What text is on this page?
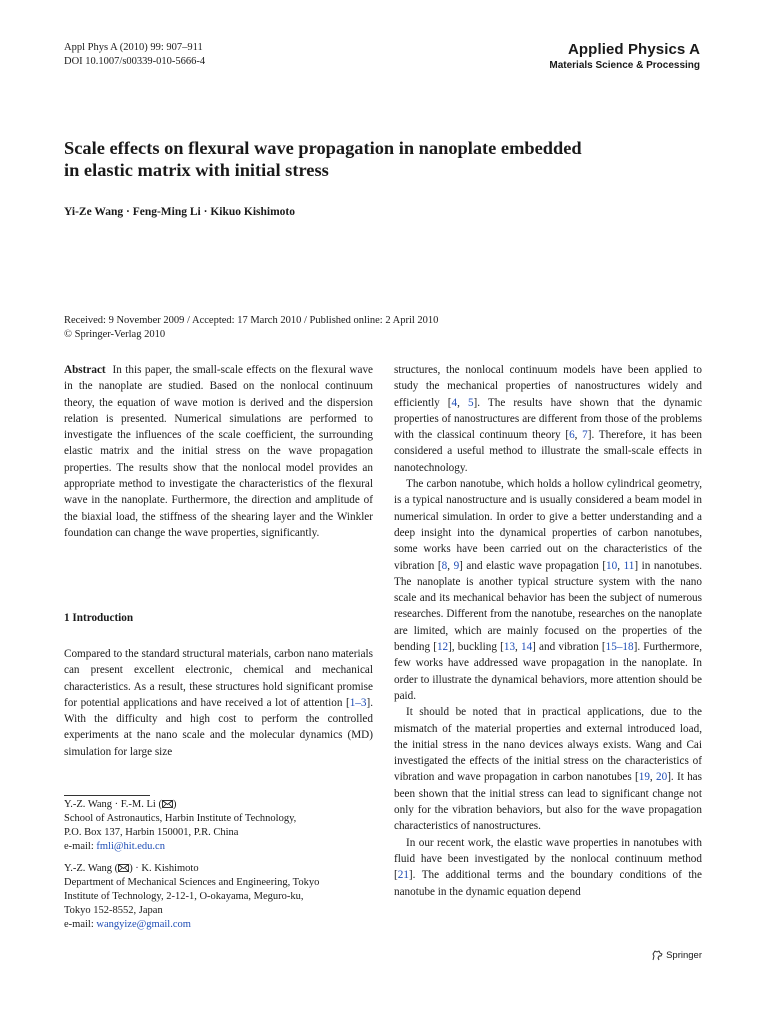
Appl Phys A (2010) 99: 907–911
DOI 10.1007/s00339-010-5666-4
Applied Physics A
Materials Science & Processing
Scale effects on flexural wave propagation in nanoplate embedded
in elastic matrix with initial stress
Yi-Ze Wang · Feng-Ming Li · Kikuo Kishimoto
Received: 9 November 2009 / Accepted: 17 March 2010 / Published online: 2 April 2010
© Springer-Verlag 2010

Abstract In this paper, the small-scale effects on the flexural wave in the nanoplate are studied. Based on the nonlocal continuum theory, the equation of wave motion is derived and the dispersion relation is presented. Numerical simulations are performed to investigate the influences of the scale coefficient, the surrounding elastic matrix and the initial stress on the wave propagation properties. The results show that the nonlocal model provides an appropriate method to investigate the characteristics of the flexural wave in the nanoplate. Furthermore, the direction and amplitude of the biaxial load, the stiffness of the shearing layer and the Winkler foundation can change the wave properties, significantly.

1 Introduction

Compared to the standard structural materials, carbon nano materials can present excellent electronic, chemical and mechanical characteristics. As a result, these structures hold significant promise for potential applications and have received a lot of attention [1–3]. With the difficulty and high cost to perform the controlled experiments at the nano scale and the molecular dynamics (MD) simulation for large size

structures, the nonlocal continuum models have been applied to study the mechanical properties of nanostructures widely and efficiently [4, 5]. The results have shown that the dynamic properties of nanostructures are different from those of the problems with the classical continuum theory [6, 7]. Therefore, it has been considered a useful method to illustrate the small-scale effects in nanotechnology.

The carbon nanotube, which holds a hollow cylindrical geometry, is a typical nanostructure and is usually considered a beam model in numerical simulation. In order to give a better understanding and a deep insight into the dynamical properties of carbon nanotubes, some works have been carried out on the characteristics of the vibration [8, 9] and elastic wave propagation [10, 11] in nanotubes. The nanoplate is another typical structure system with the nano scale and its mechanical behavior has been the subject of numerous researches. Different from the nanotube, researches on the nanoplate are limited, which are mainly focused on the properties of the bending [12], buckling [13, 14] and vibration [15–18]. Furthermore, few works have addressed wave propagation in the nanoplate. In order to illustrate the dynamical behaviors, more attention should be paid.

It should be noted that in practical applications, due to the mismatch of the material properties and external introduced load, the initial stress in the nano devices always exists. Wang and Cai investigated the effects of the initial stress on the characteristics of vibration and wave propagation in carbon nanotubes [19, 20]. It has been shown that the initial stress can lead to significant change not only for the vibration behaviors, but also for the wave propagation characteristics of nanostructures.

In our recent work, the elastic wave properties in nanotubes with fluid have been investigated by the nonlocal continuum method [21]. The additional terms and the boundary conditions of the nanotube in the dynamic equation depend

Y.-Z. Wang · F.-M. Li ( )
School of Astronautics, Harbin Institute of Technology,
P.O. Box 137, Harbin 150001, P.R. China
e-mail: fmli@hit.edu.cn
Y.-Z. Wang ( ) · K. Kishimoto
Department of Mechanical Sciences and Engineering, Tokyo
Institute of Technology, 2-12-1, O-okayama, Meguro-ku,
Tokyo 152-8552, Japan
e-mail: wangyize@gmail.com
Springer
